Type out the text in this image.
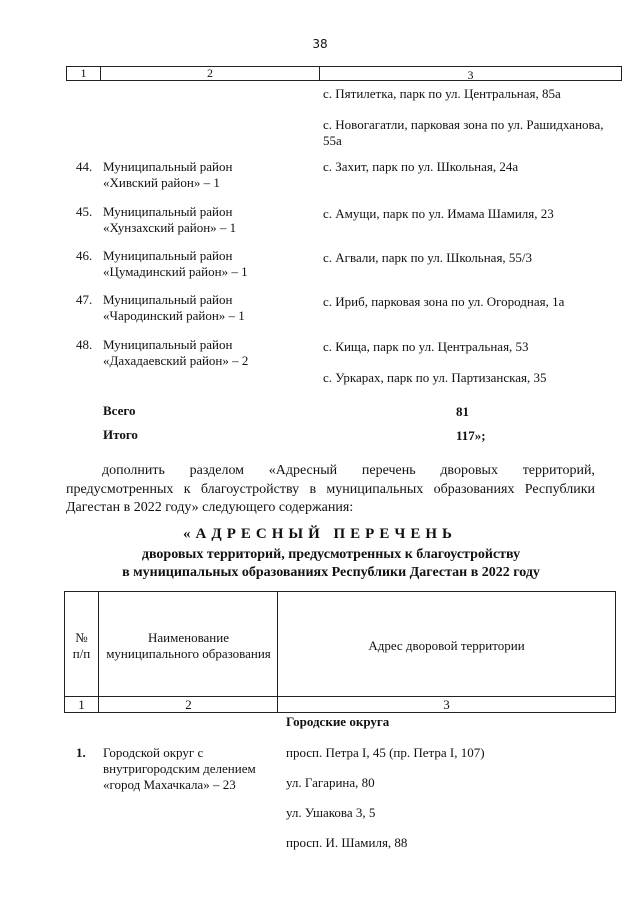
38
1	2	3
с. Пятилетка, парк по ул. Центральная, 85а
с. Новогагатли, парковая зона по ул. Рашидханова,
55а
44. Муниципальный район
«Хивский район» – 1
с. Захит, парк по ул. Школьная, 24а
45. Муниципальный район
«Хунзахский район» – 1
с. Амущи, парк по ул. Имама Шамиля, 23
46. Муниципальный район
«Цумадинский район» – 1
с. Агвали, парк по ул. Школьная, 55/3
47. Муниципальный район
«Чародинский район» – 1
с. Ириб, парковая зона по ул. Огородная, 1а
48. Муниципальный район
«Дахадаевский район» – 2
с. Кища, парк по ул. Центральная, 53
с. Уркарах, парк по ул. Партизанская, 35
Всего	81
Итого	117»;
дополнить разделом «Адресный перечень дворовых территорий,
предусмотренных к благоустройству в муниципальных образованиях Республики
Дагестан в 2022 году» следующего содержания:
«АДРЕСНЫЙ ПЕРЕЧЕНЬ
дворовых территорий, предусмотренных к благоустройству
в муниципальных образованиях Республики Дагестан в 2022 году
№
п/п
Наименование
муниципального образования
Адрес дворовой территории
1	2	3
Городские округа
1. Городской округ с
внутригородским делением
«город Махачкала» – 23
просп. Петра I, 45 (пр. Петра I, 107)
ул. Гагарина, 80
ул. Ушакова 3, 5
просп. И. Шамиля, 88
